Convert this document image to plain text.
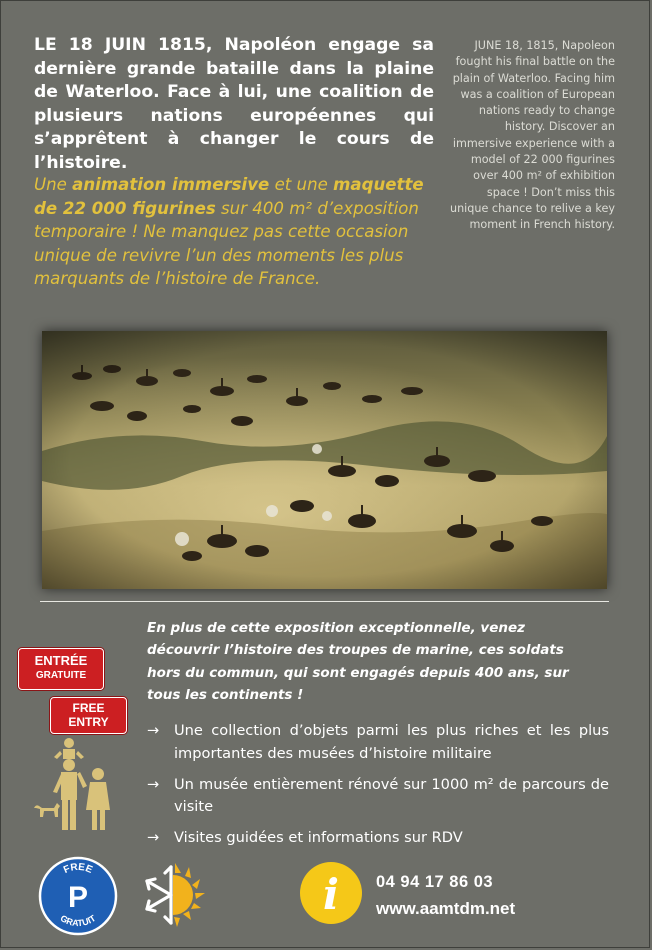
LE 18 JUIN 1815, Napoléon engage sa dernière grande bataille dans la plaine de Waterloo. Face à lui, une coalition de plusieurs nations européennes qui s’apprêtent à changer le cours de l’histoire.
Une animation immersive et une maquette de 22 000 figurines sur 400 m² d’exposition temporaire ! Ne manquez pas cette occasion unique de revivre l’un des moments les plus marquants de l’histoire de France.
JUNE 18, 1815, Napoleon fought his final battle on the plain of Waterloo. Facing him was a coalition of European nations ready to change history. Discover an immersive experience with a model of 22 000 figurines over 400 m² of exhibition space ! Don’t miss this unique chance to relive a key moment in French history.
ENTRÉE
GRATUITE
FREE
ENTRY
En plus de cette exposition exceptionnelle, venez découvrir l’histoire des troupes de marine, ces soldats hors du commun, qui sont engagés depuis 400 ans, sur tous les continents !
→ Une collection d’objets parmi les plus riches et les plus importantes des musées d’histoire militaire
→ Un musée entièrement rénové sur 1000 m² de parcours de visite
→ Visites guidées et informations sur RDV
FREE
P
GRATUIT	i 04 94 17 86 03
www.aamtdm.net
